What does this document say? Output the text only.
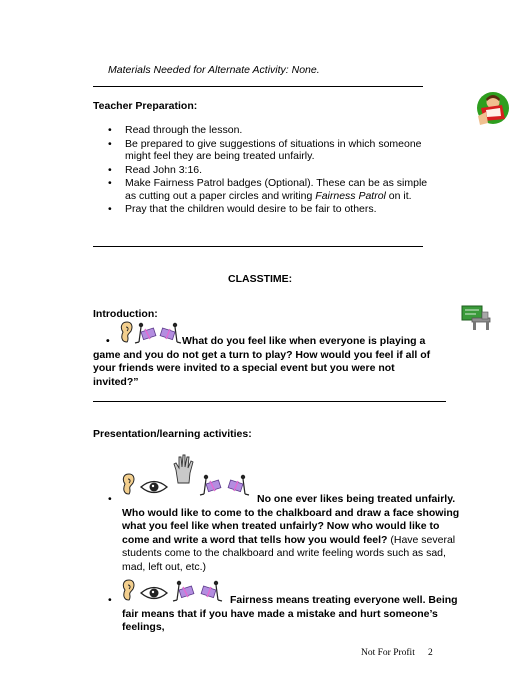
Materials Needed for Alternate Activity: None.
Teacher Preparation:
• Read through the lesson.
• Be prepared to give suggestions of situations in which someone might feel they are being treated unfairly.
• Read John 3:16.
• Make Fairness Patrol badges (Optional). These can be as simple as cutting out a paper circles and writing Fairness Patrol on it.
• Pray that the children would desire to be fair to others.
CLASSTIME:
Introduction:
•	What do you feel like when everyone is playing a game and you do not get a turn to play? How would you feel if all of your friends were invited to a special event but you were not invited?”
Presentation/learning activities:

•	No one ever likes being treated unfairly. Who would like to come to the chalkboard and draw a face showing what you feel like when treated unfairly? Now who would like to come and write a word that tells how you would feel? (Have several students come to the chalkboard and write feeling words such as sad, mad, left out, etc.)

•	Fairness means treating everyone well. Being fair means that if you have made a mistake and hurt someone’s feelings,
Not For Profit 2
